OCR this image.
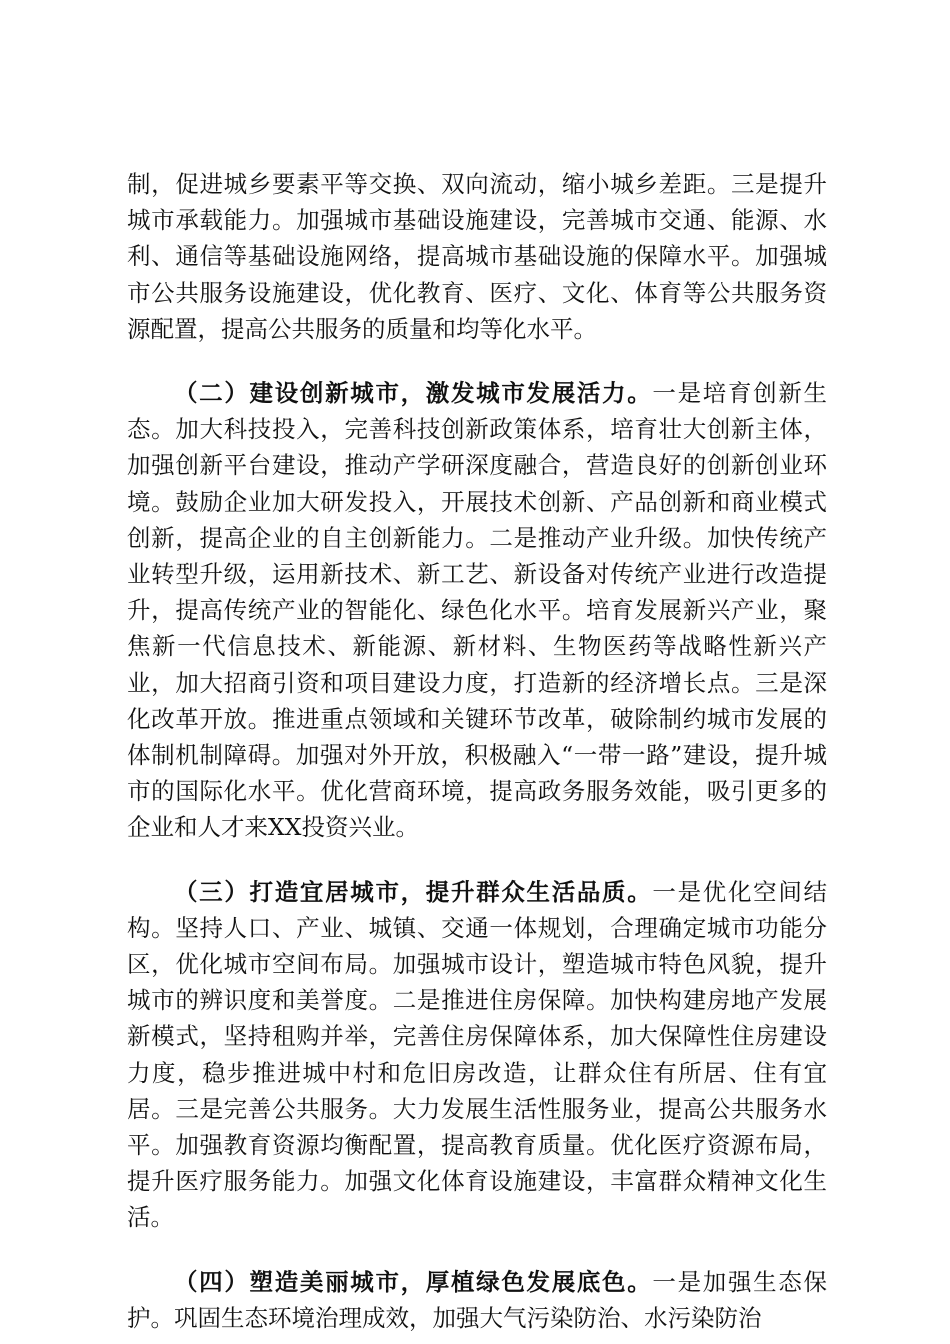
制，促进城乡要素平等交换、双向流动，缩小城乡差距。三是提升城市承载能力。加强城市基础设施建设，完善城市交通、能源、水利、通信等基础设施网络，提高城市基础设施的保障水平。加强城市公共服务设施建设，优化教育、医疗、文化、体育等公共服务资源配置，提高公共服务的质量和均等化水平。

（二）建设创新城市，激发城市发展活力。一是培育创新生态。加大科技投入，完善科技创新政策体系，培育壮大创新主体，加强创新平台建设，推动产学研深度融合，营造良好的创新创业环境。鼓励企业加大研发投入，开展技术创新、产品创新和商业模式创新，提高企业的自主创新能力。二是推动产业升级。加快传统产业转型升级，运用新技术、新工艺、新设备对传统产业进行改造提升，提高传统产业的智能化、绿色化水平。培育发展新兴产业，聚焦新一代信息技术、新能源、新材料、生物医药等战略性新兴产业，加大招商引资和项目建设力度，打造新的经济增长点。三是深化改革开放。推进重点领域和关键环节改革，破除制约城市发展的体制机制障碍。加强对外开放，积极融入“一带一路”建设，提升城市的国际化水平。优化营商环境，提高政务服务效能，吸引更多的企业和人才来XX投资兴业。

（三）打造宜居城市，提升群众生活品质。一是优化空间结构。坚持人口、产业、城镇、交通一体规划，合理确定城市功能分区，优化城市空间布局。加强城市设计，塑造城市特色风貌，提升城市的辨识度和美誉度。二是推进住房保障。加快构建房地产发展新模式，坚持租购并举，完善住房保障体系，加大保障性住房建设力度，稳步推进城中村和危旧房改造，让群众住有所居、住有宜居。三是完善公共服务。大力发展生活性服务业，提高公共服务水平。加强教育资源均衡配置，提高教育质量。优化医疗资源布局，提升医疗服务能力。加强文化体育设施建设，丰富群众精神文化生活。

（四）塑造美丽城市，厚植绿色发展底色。一是加强生态保护。巩固生态环境治理成效，加强大气污染防治、水污染防治
